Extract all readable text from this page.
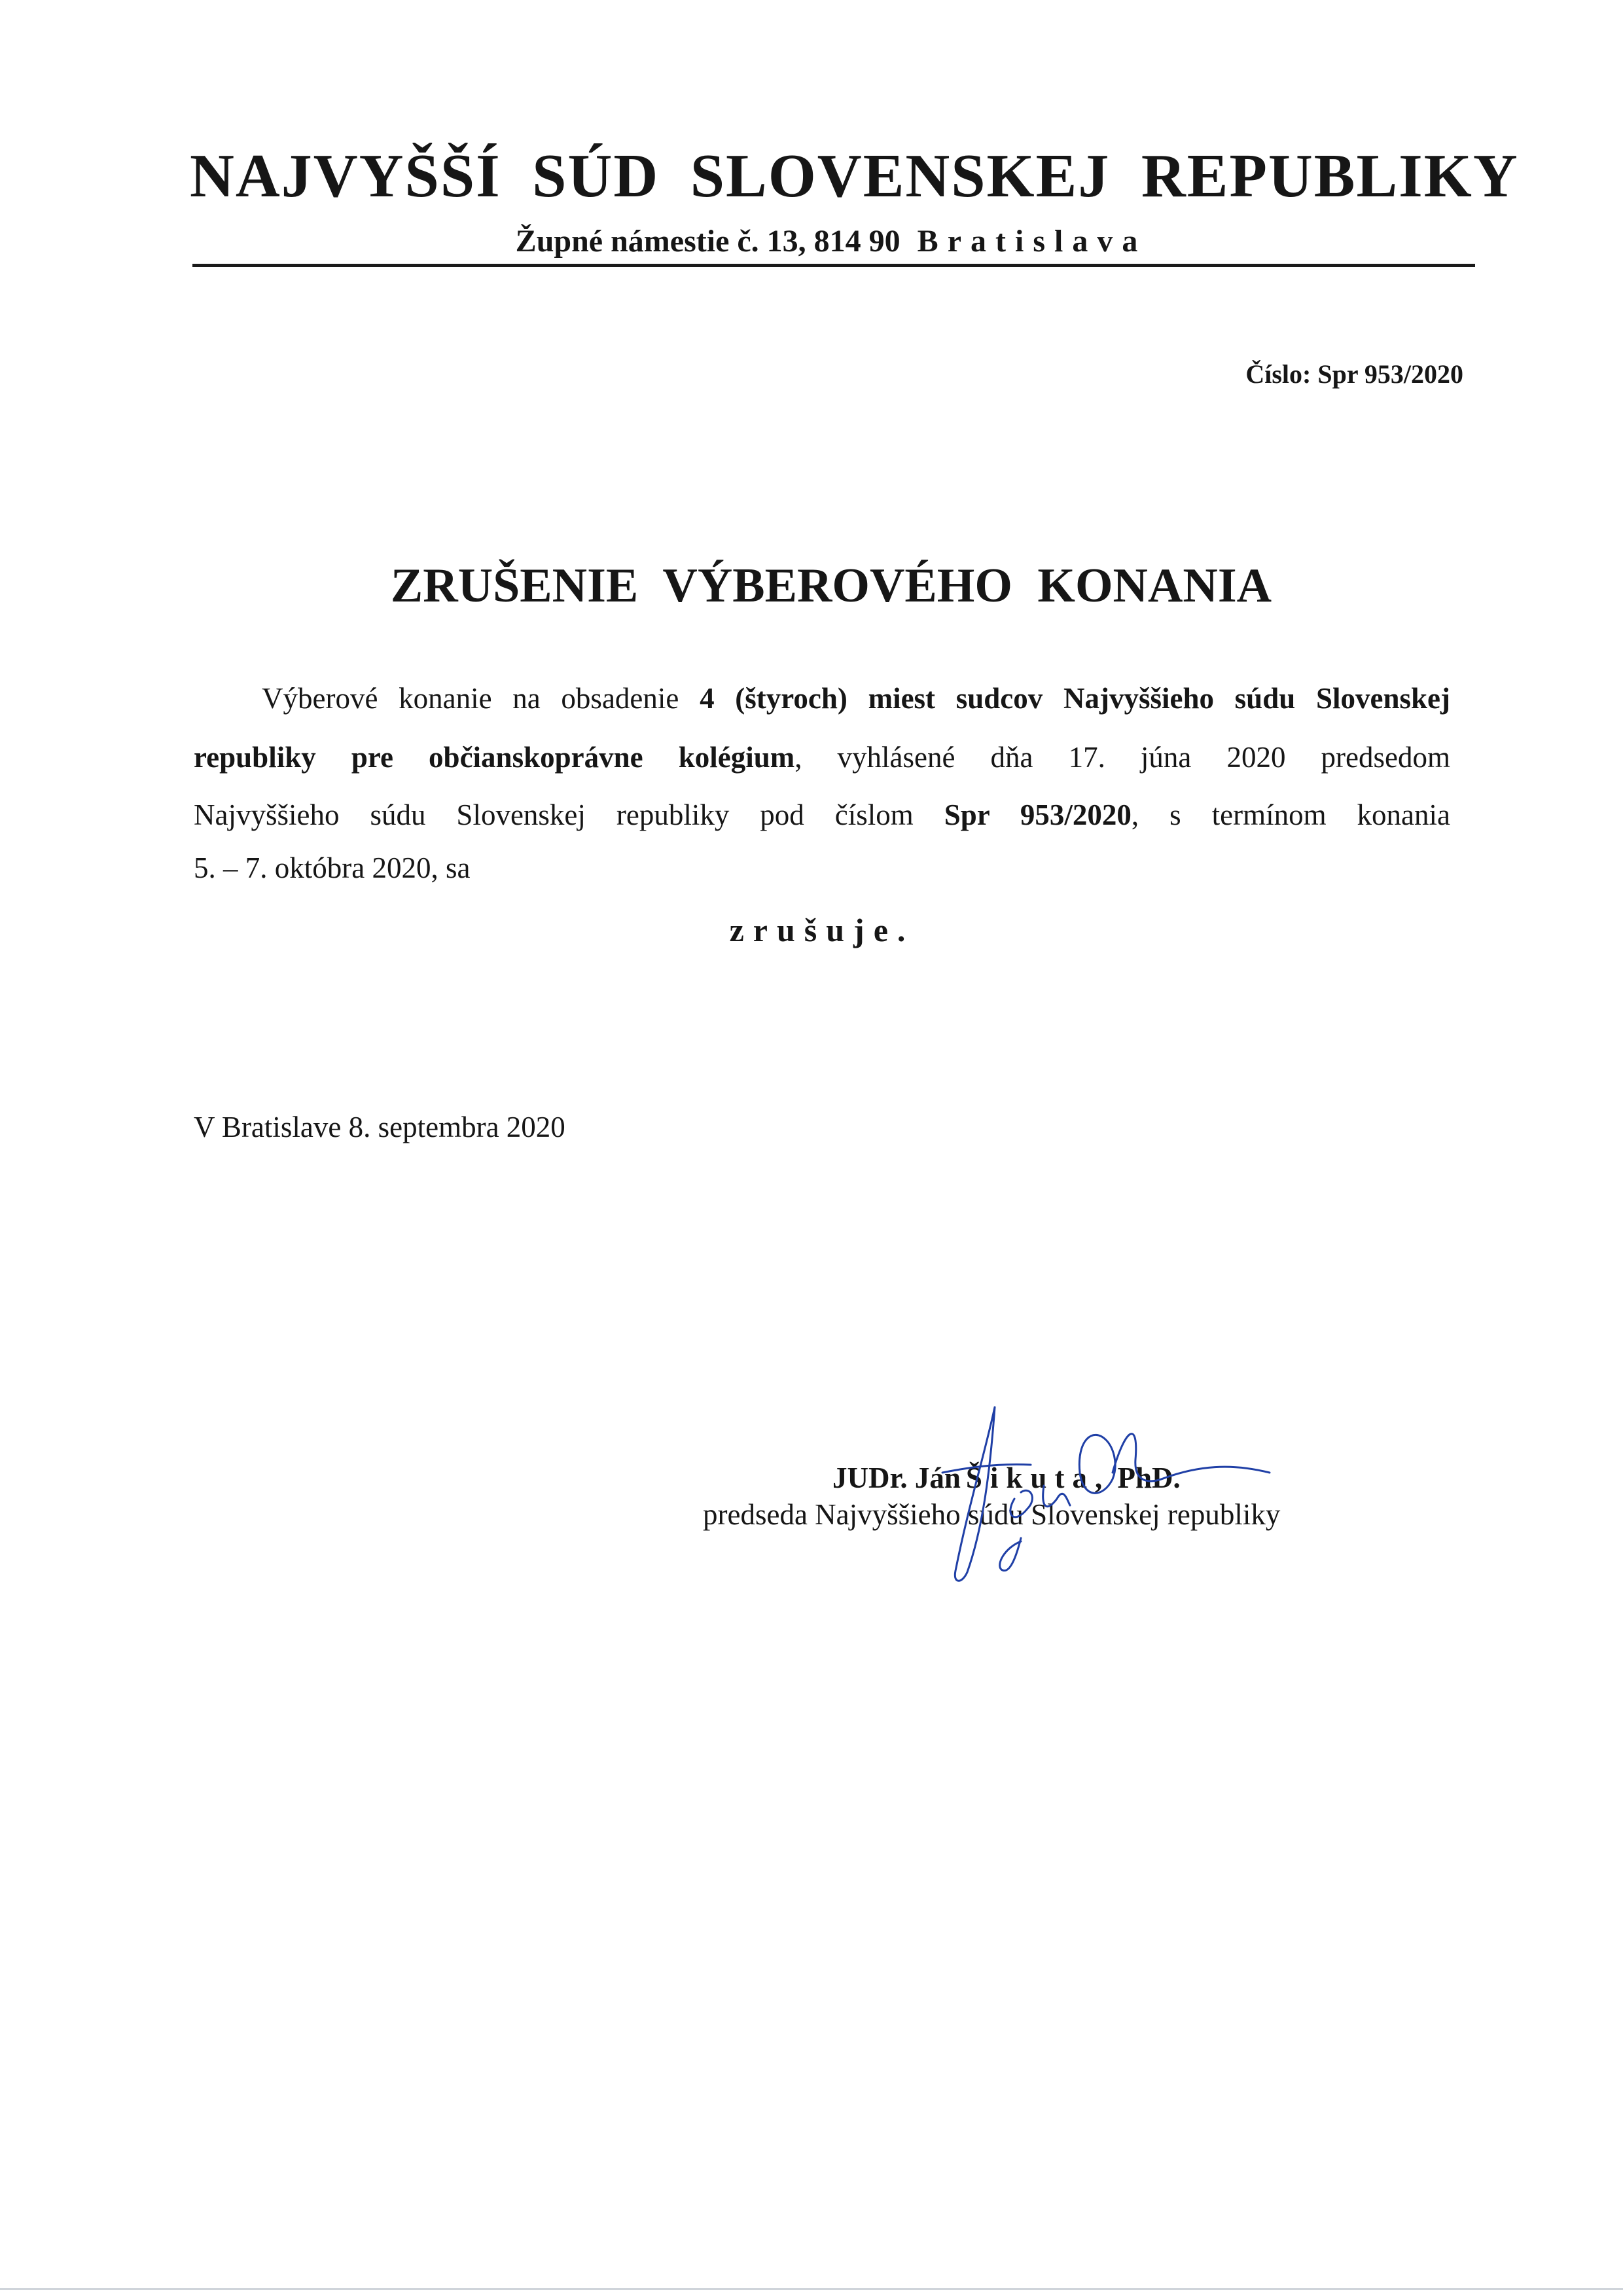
NAJVYŠŠÍ SÚD SLOVENSKEJ REPUBLIKY
Župné námestie č. 13, 814 90 Bratislava
Číslo: Spr 953/2020
ZRUŠENIE VÝBEROVÉHO KONANIA
Výberové konanie na obsadenie 4 (štyroch) miest sudcov Najvyššieho súdu Slovenskej
republiky pre občianskoprávne kolégium, vyhlásené dňa 17. júna 2020 predsedom
Najvyššieho súdu Slovenskej republiky pod číslom Spr 953/2020, s termínom konania
5. – 7. októbra 2020, sa
zrušuje.
V Bratislave 8. septembra 2020
JUDr. Ján Šikuta, PhD.
predseda Najvyššieho súdu Slovenskej republiky
